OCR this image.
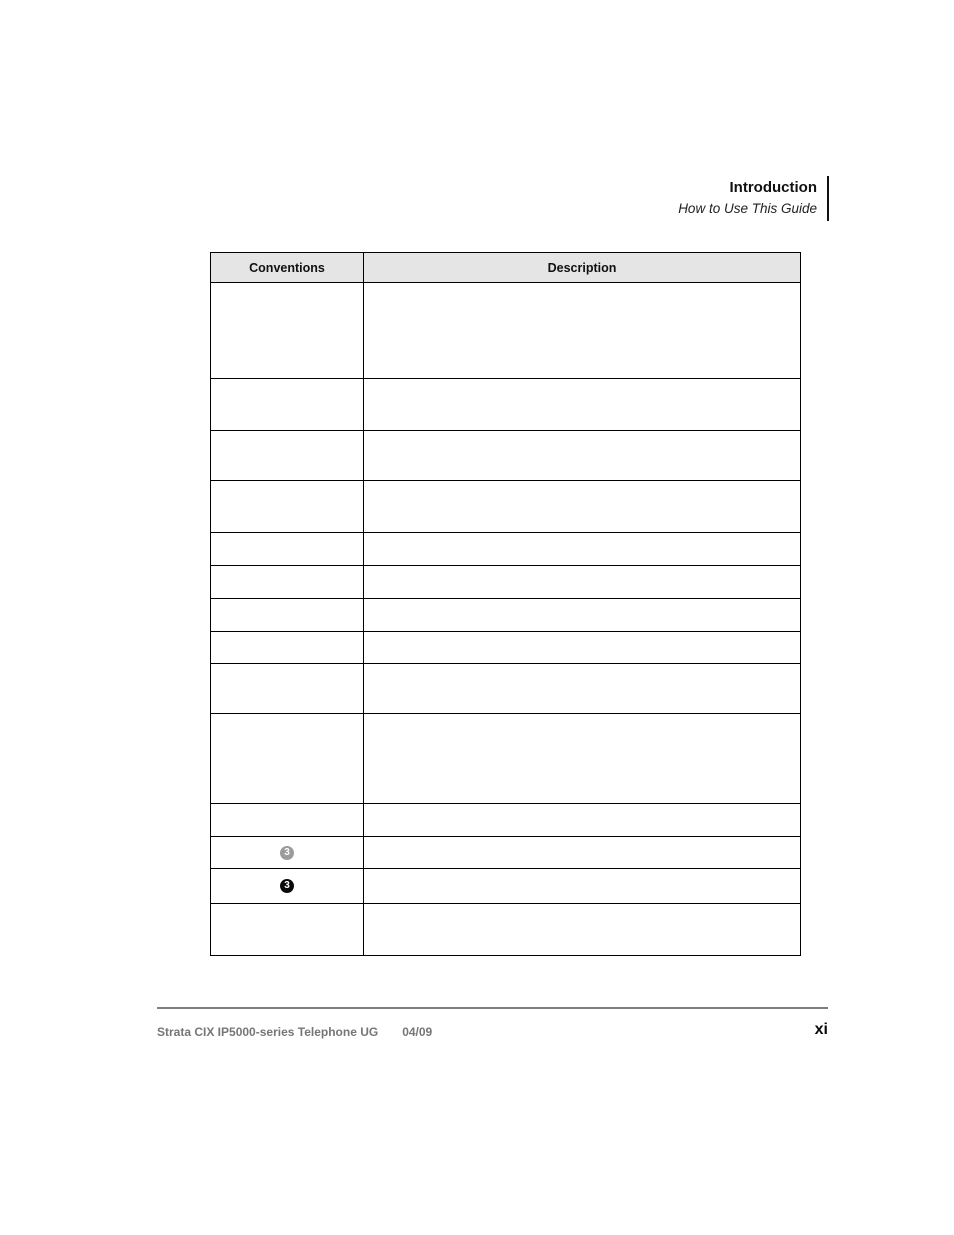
Introduction
How to Use This Guide
Conventions	Description
3
3
Strata CIX IP5000-series Telephone UG 04/09	xi
